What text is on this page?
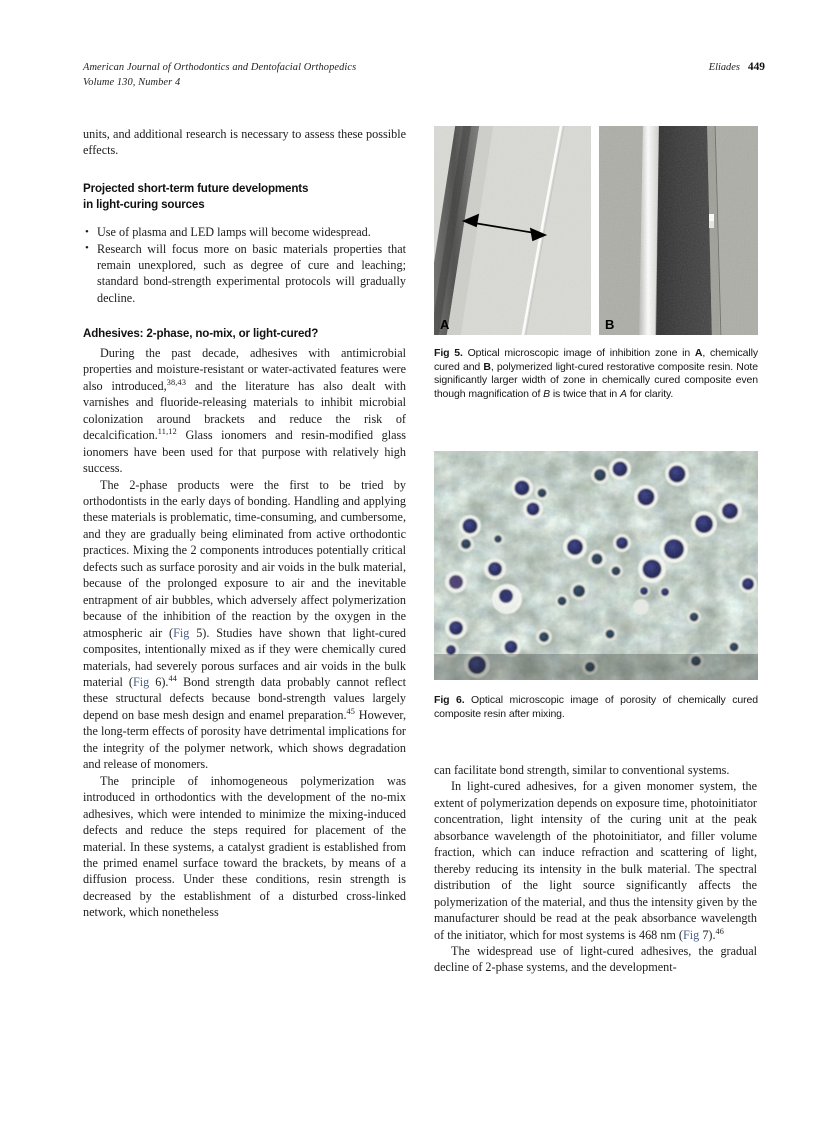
American Journal of Orthodontics and Dentofacial Orthopedics
Volume 130, Number 4
Eliades 449

units, and additional research is necessary to assess these possible effects.

Projected short-term future developments
in light-curing sources
• Use of plasma and LED lamps will become widespread.
• Research will focus more on basic materials properties that remain unexplored, such as degree of cure and leaching; standard bond-strength experimental protocols will gradually decline.
Adhesives: 2-phase, no-mix, or light-cured?

During the past decade, adhesives with antimicrobial properties and moisture-resistant or water-activated features were also introduced,$^{38,43}$ and the literature has also dealt with varnishes and fluoride-releasing materials to inhibit microbial colonization around brackets and reduce the risk of decalcification.$^{11,12}$ Glass ionomers and resin-modified glass ionomers have been used for that purpose with relatively high success.

The 2-phase products were the first to be tried by orthodontists in the early days of bonding. Handling and applying these materials is problematic, time-consuming, and cumbersome, and they are gradually being eliminated from active orthodontic practices. Mixing the 2 components introduces potentially critical defects such as surface porosity and air voids in the bulk material, because of the prolonged exposure to air and the inevitable entrapment of air bubbles, which adversely affect polymerization because of the inhibition of the reaction by the oxygen in the atmospheric air (Fig 5). Studies have shown that light-cured composites, intentionally mixed as if they were chemically cured materials, had severely porous surfaces and air voids in the bulk material (Fig 6).$^{44}$ Bond strength data probably cannot reflect these structural defects because bond-strength values largely depend on base mesh design and enamel preparation.$^{45}$ However, the long-term effects of porosity have detrimental implications for the integrity of the polymer network, which shows degradation and release of monomers.

The principle of inhomogeneous polymerization was introduced in orthodontics with the development of the no-mix adhesives, which were intended to minimize the mixing-induced defects and reduce the steps required for placement of the material. In these systems, a catalyst gradient is established from the primed enamel surface toward the brackets, by means of a diffusion process. Under these conditions, resin strength is decreased by the establishment of a disturbed cross-linked network, which nonetheless

A	B
Fig 5. Optical microscopic image of inhibition zone in A, chemically cured and B, polymerized light-cured restorative composite resin. Note significantly larger width of zone in chemically cured composite even though magnification of B is twice that in A for clarity.
Fig 6. Optical microscopic image of porosity of chemically cured composite resin after mixing.

can facilitate bond strength, similar to conventional systems.

In light-cured adhesives, for a given monomer system, the extent of polymerization depends on exposure time, photoinitiator concentration, light intensity of the curing unit at the peak absorbance wavelength of the photoinitiator, and filler volume fraction, which can induce refraction and scattering of light, thereby reducing its intensity in the bulk material. The spectral distribution of the light source significantly affects the polymerization of the material, and thus the intensity given by the manufacturer should be read at the peak absorbance wavelength of the initiator, which for most systems is 468 nm (Fig 7).$^{46}$

The widespread use of light-cured adhesives, the gradual decline of 2-phase systems, and the development-
